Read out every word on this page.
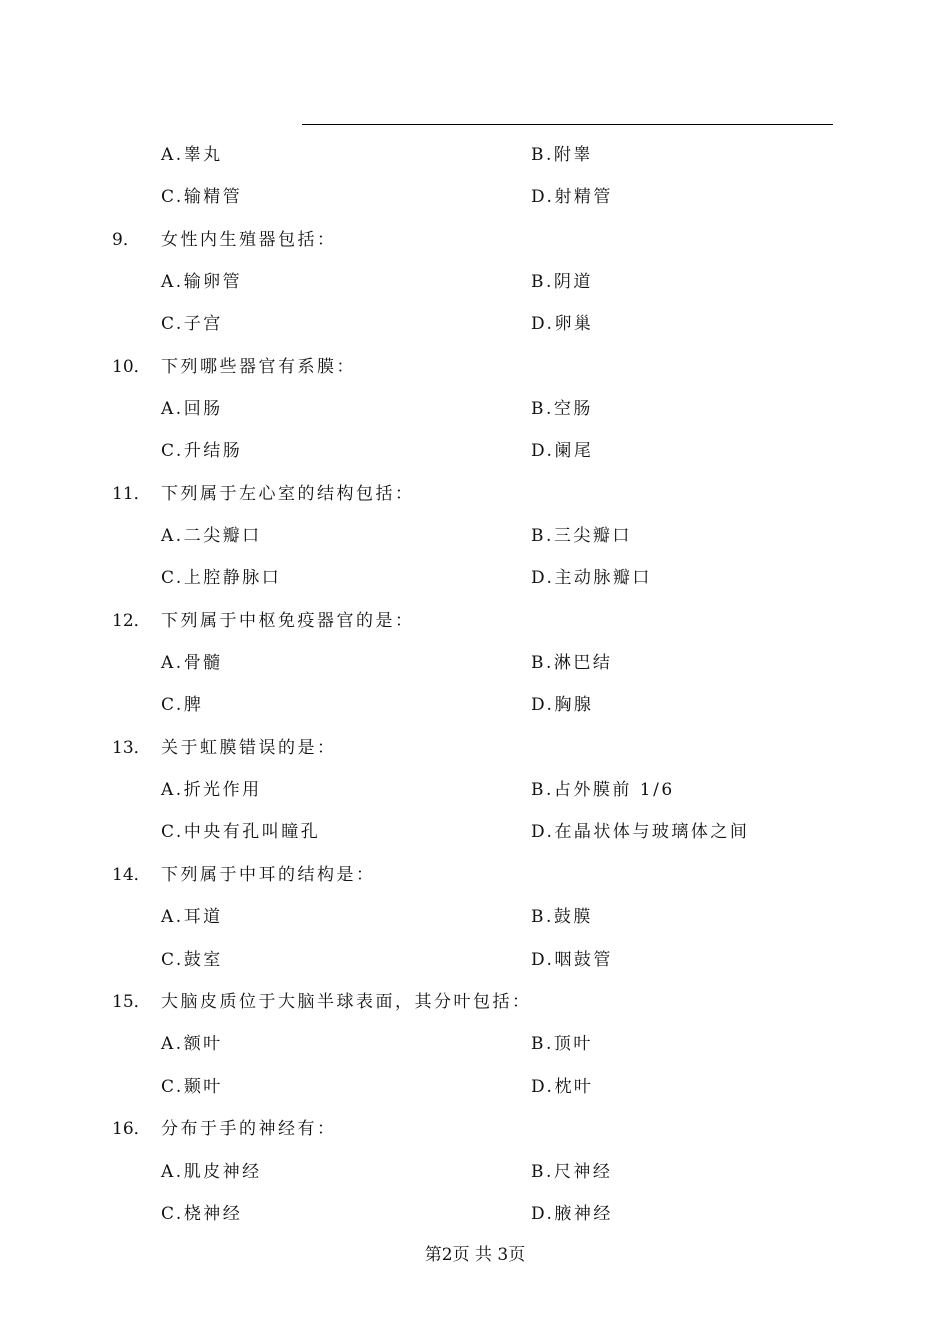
A.睾丸	B.附睾
C.输精管	D.射精管
9． 女性内生殖器包括：
A.输卵管	B.阴道
C.子宫	D.卵巢
10． 下列哪些器官有系膜：
A.回肠	B.空肠
C.升结肠	D.阑尾
11． 下列属于左心室的结构包括：
A.二尖瓣口	B.三尖瓣口
C.上腔静脉口	D.主动脉瓣口
12． 下列属于中枢免疫器官的是：
A.骨髓	B.淋巴结
C.脾	D.胸腺
13． 关于虹膜错误的是：
A.折光作用	B.占外膜前 1/6
C.中央有孔叫瞳孔	D.在晶状体与玻璃体之间
14． 下列属于中耳的结构是：
A.耳道	B.鼓膜
C.鼓室	D.咽鼓管
15． 大脑皮质位于大脑半球表面，其分叶包括：
A.额叶	B.顶叶
C.颞叶	D.枕叶
16． 分布于手的神经有：
A.肌皮神经	B.尺神经
C.桡神经	D.腋神经
第2页 共 3页
